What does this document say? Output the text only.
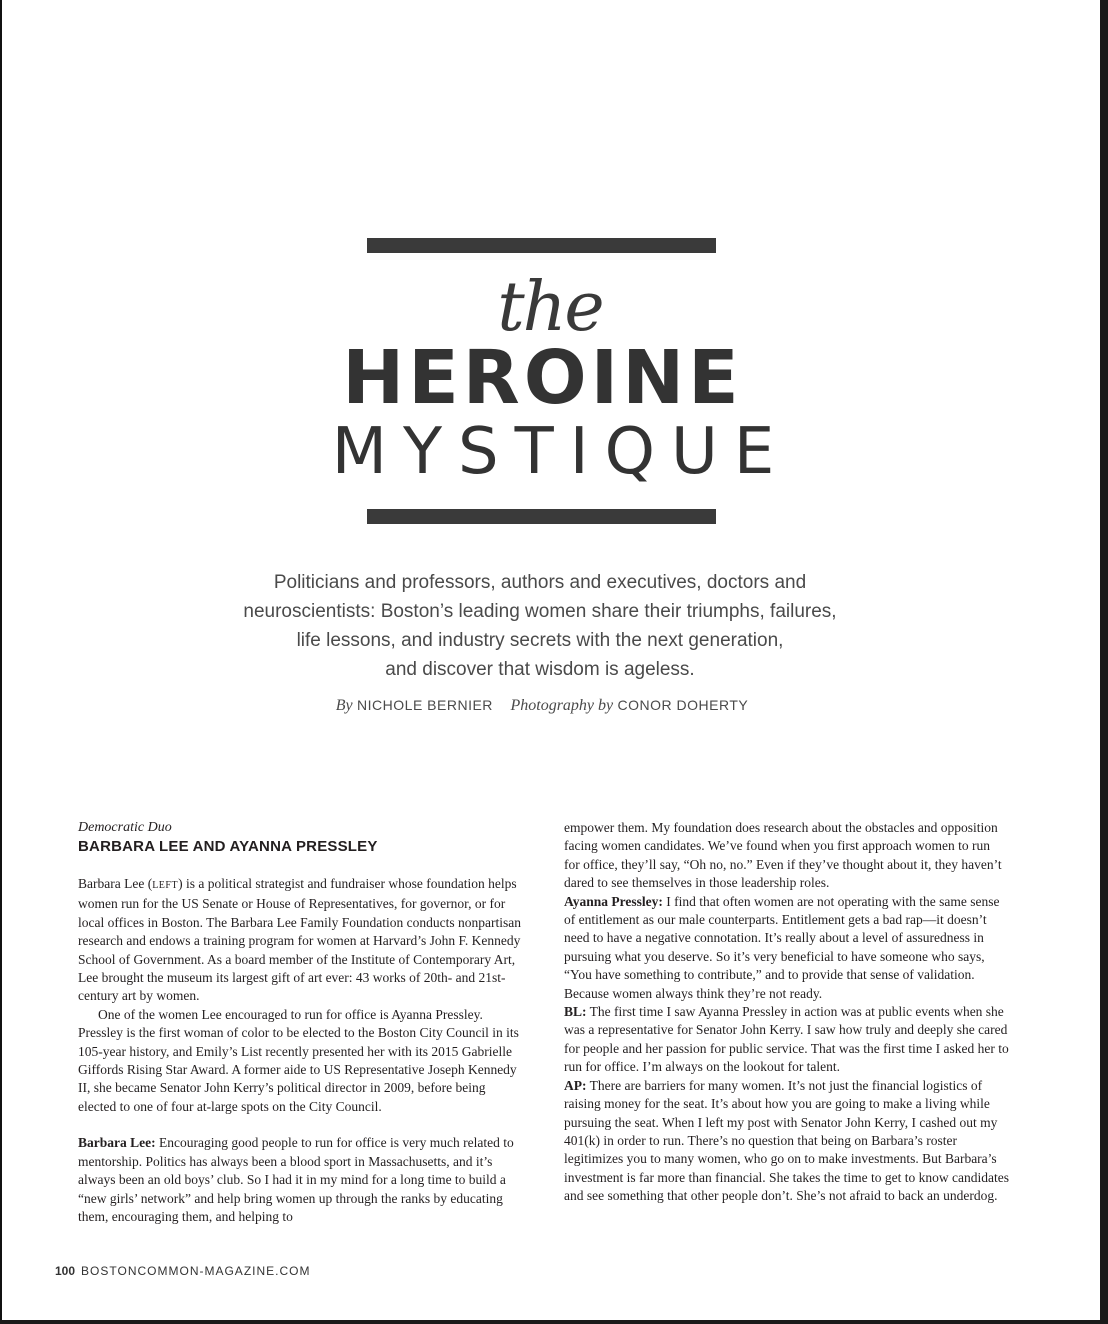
the
HEROINE
MYSTIQUE
Politicians and professors, authors and executives, doctors and
neuroscientists: Boston’s leading women share their triumphs, failures,
life lessons, and industry secrets with the next generation,
and discover that wisdom is ageless.
By NICHOLE BERNIER Photography by CONOR DOHERTY

Democratic Duo

BARBARA LEE AND AYANNA PRESSLEY

Barbara Lee (LEFT) is a political strategist and fundraiser whose foundation helps women run for the US Senate or House of Representatives, for governor, or for local offices in Boston. The Barbara Lee Family Foundation conducts nonpartisan research and endows a training program for women at Harvard’s John F. Kennedy School of Government. As a board member of the Institute of Contemporary Art, Lee brought the museum its largest gift of art ever: 43 works of 20th- and 21st-century art by women.

One of the women Lee encouraged to run for office is Ayanna Pressley. Pressley is the first woman of color to be elected to the Boston City Council in its 105-year history, and Emily’s List recently presented her with its 2015 Gabrielle Giffords Rising Star Award. A former aide to US Representative Joseph Kennedy II, she became Senator John Kerry’s political director in 2009, before being elected to one of four at-large spots on the City Council.

Barbara Lee: Encouraging good people to run for office is very much related to mentorship. Politics has always been a blood sport in Massachusetts, and it’s always been an old boys’ club. So I had it in my mind for a long time to build a “new girls’ network” and help bring women up through the ranks by educating them, encouraging them, and helping to

empower them. My foundation does research about the obstacles and opposition facing women candidates. We’ve found when you first approach women to run for office, they’ll say, “Oh no, no.” Even if they’ve thought about it, they haven’t dared to see themselves in those leadership roles.

Ayanna Pressley: I find that often women are not operating with the same sense of entitlement as our male counterparts. Entitlement gets a bad rap—it doesn’t need to have a negative connotation. It’s really about a level of assuredness in pursuing what you deserve. So it’s very beneficial to have someone who says, “You have something to contribute,” and to provide that sense of validation. Because women always think they’re not ready.

BL: The first time I saw Ayanna Pressley in action was at public events when she was a representative for Senator John Kerry. I saw how truly and deeply she cared for people and her passion for public service. That was the first time I asked her to run for office. I’m always on the lookout for talent.

AP: There are barriers for many women. It’s not just the financial logistics of raising money for the seat. It’s about how you are going to make a living while pursuing the seat. When I left my post with Senator John Kerry, I cashed out my 401(k) in order to run. There’s no question that being on Barbara’s roster legitimizes you to many women, who go on to make investments. But Barbara’s investment is far more than financial. She takes the time to get to know candidates and see something that other people don’t. She’s not afraid to back an underdog.

100 BOSTONCOMMON-MAGAZINE.COM
